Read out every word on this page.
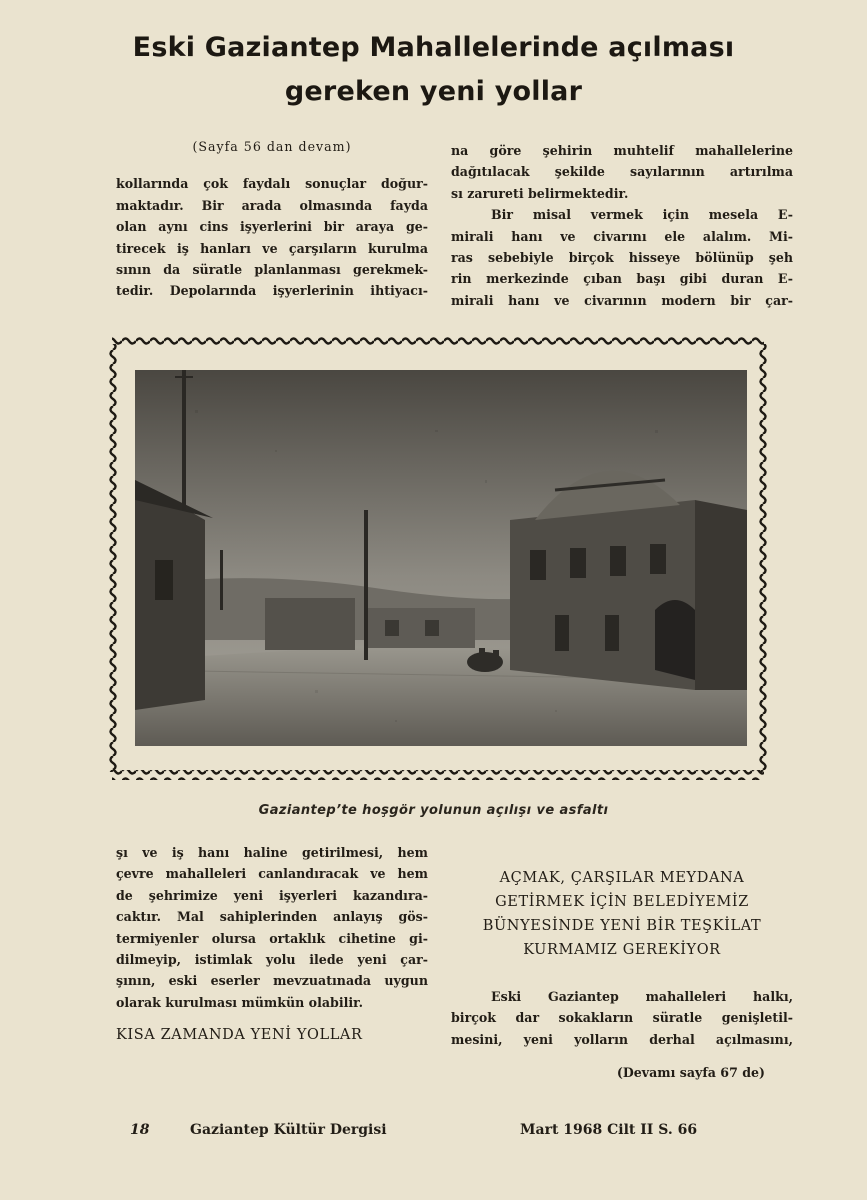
Eski Gaziantep Mahallelerinde açılması
gereken yeni yollar
(Sayfa 56 dan devam)
kollarında çok faydalı sonuçlar doğur-
maktadır. Bir arada olmasında fayda
olan aynı cins işyerlerini bir araya ge-
tirecek iş hanları ve çarşıların kurulma
sının da süratle planlanması gerekmek-
tedir. Depolarında işyerlerinin ihtiyacı-
na göre şehirin muhtelif mahallelerine
dağıtılacak şekilde sayılarının artırılma
sı zarureti belirmektedir.
Bir misal vermek için mesela E-
mirali hanı ve civarını ele alalım. Mi-
ras sebebiyle birçok hisseye bölünüp şeh
rin merkezinde çıban başı gibi duran E-
mirali hanı ve civarının modern bir çar-
Gaziantep’te hoşgör yolunun açılışı ve asfaltı
şı ve iş hanı haline getirilmesi, hem
çevre mahalleleri canlandıracak ve hem
de şehrimize yeni işyerleri kazandıra-
caktır. Mal sahiplerinden anlayış gös-
termiyenler olursa ortaklık cihetine gi-
dilmeyip, istimlak yolu ilede yeni çar-
şının, eski eserler mevzuatınada uygun
olarak kurulması mümkün olabilir.
KISA ZAMANDA YENİ YOLLAR
AÇMAK, ÇARŞILAR MEYDANA
GETİRMEK İÇİN BELEDİYEMİZ
BÜNYESİNDE YENİ BİR TEŞKİLAT
KURMAMIZ GEREKİYOR
Eski Gaziantep mahalleleri halkı,
birçok dar sokakların süratle genişletil-
mesini, yeni yolların derhal açılmasını,
(Devamı sayfa 67 de)
18	Gaziantep Kültür Dergisi	Mart 1968 Cilt II S. 66
